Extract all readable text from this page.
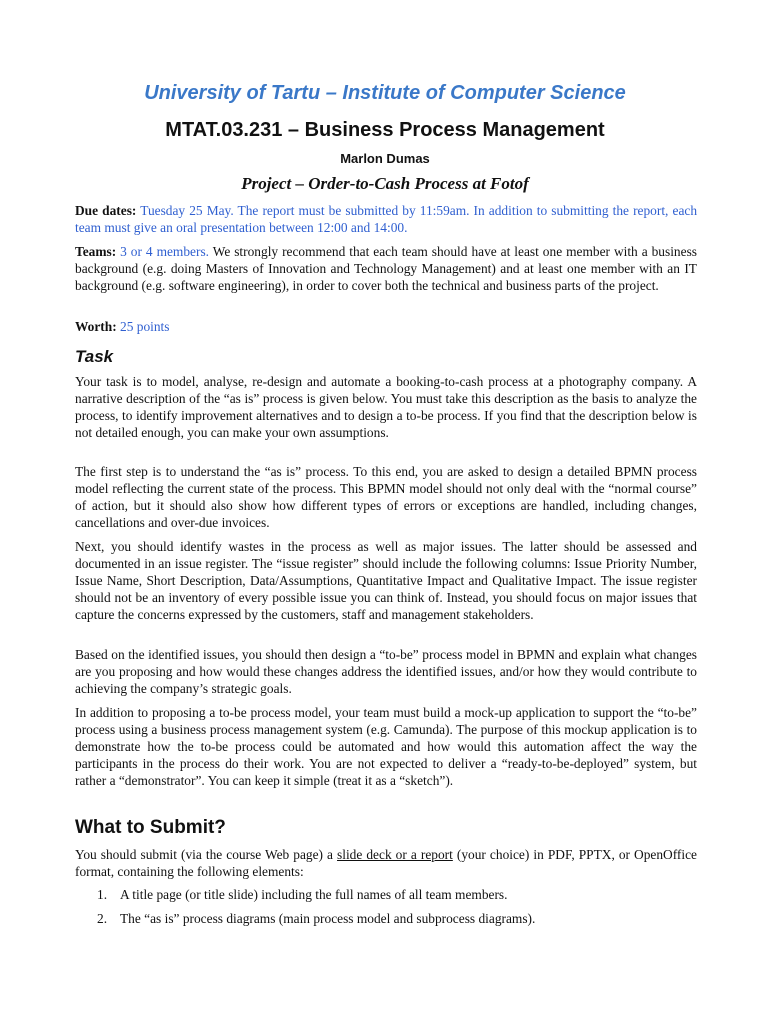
University of Tartu – Institute of Computer Science
MTAT.03.231 – Business Process Management
Marlon Dumas
Project – Order-to-Cash Process at Fotof
Due dates: Tuesday 25 May. The report must be submitted by 11:59am. In addition to submitting the report, each team must give an oral presentation between 12:00 and 14:00.
Teams: 3 or 4 members. We strongly recommend that each team should have at least one member with a business background (e.g. doing Masters of Innovation and Technology Management) and at least one member with an IT background (e.g. software engineering), in order to cover both the technical and business parts of the project.
Worth: 25 points
Task
Your task is to model, analyse, re-design and automate a booking-to-cash process at a photography company. A narrative description of the “as is” process is given below. You must take this description as the basis to analyze the process, to identify improvement alternatives and to design a to-be process. If you find that the description below is not detailed enough, you can make your own assumptions.
The first step is to understand the “as is” process. To this end, you are asked to design a detailed BPMN process model reflecting the current state of the process. This BPMN model should not only deal with the “normal course” of action, but it should also show how different types of errors or exceptions are handled, including changes, cancellations and over-due invoices.
Next, you should identify wastes in the process as well as major issues. The latter should be assessed and documented in an issue register. The “issue register” should include the following columns: Issue Priority Number, Issue Name, Short Description, Data/Assumptions, Quantitative Impact and Qualitative Impact. The issue register should not be an inventory of every possible issue you can think of. Instead, you should focus on major issues that capture the concerns expressed by the customers, staff and management stakeholders.
Based on the identified issues, you should then design a “to-be” process model in BPMN and explain what changes are you proposing and how would these changes address the identified issues, and/or how they would contribute to achieving the company’s strategic goals.
In addition to proposing a to-be process model, your team must build a mock-up application to support the “to-be” process using a business process management system (e.g. Camunda). The purpose of this mockup application is to demonstrate how the to-be process could be automated and how would this automation affect the way the participants in the process do their work. You are not expected to deliver a “ready-to-be-deployed” system, but rather a “demonstrator”. You can keep it simple (treat it as a “sketch”).
What to Submit?
You should submit (via the course Web page) a slide deck or a report (your choice) in PDF, PPTX, or OpenOffice format, containing the following elements:
1. A title page (or title slide) including the full names of all team members.
2. The “as is” process diagrams (main process model and subprocess diagrams).
